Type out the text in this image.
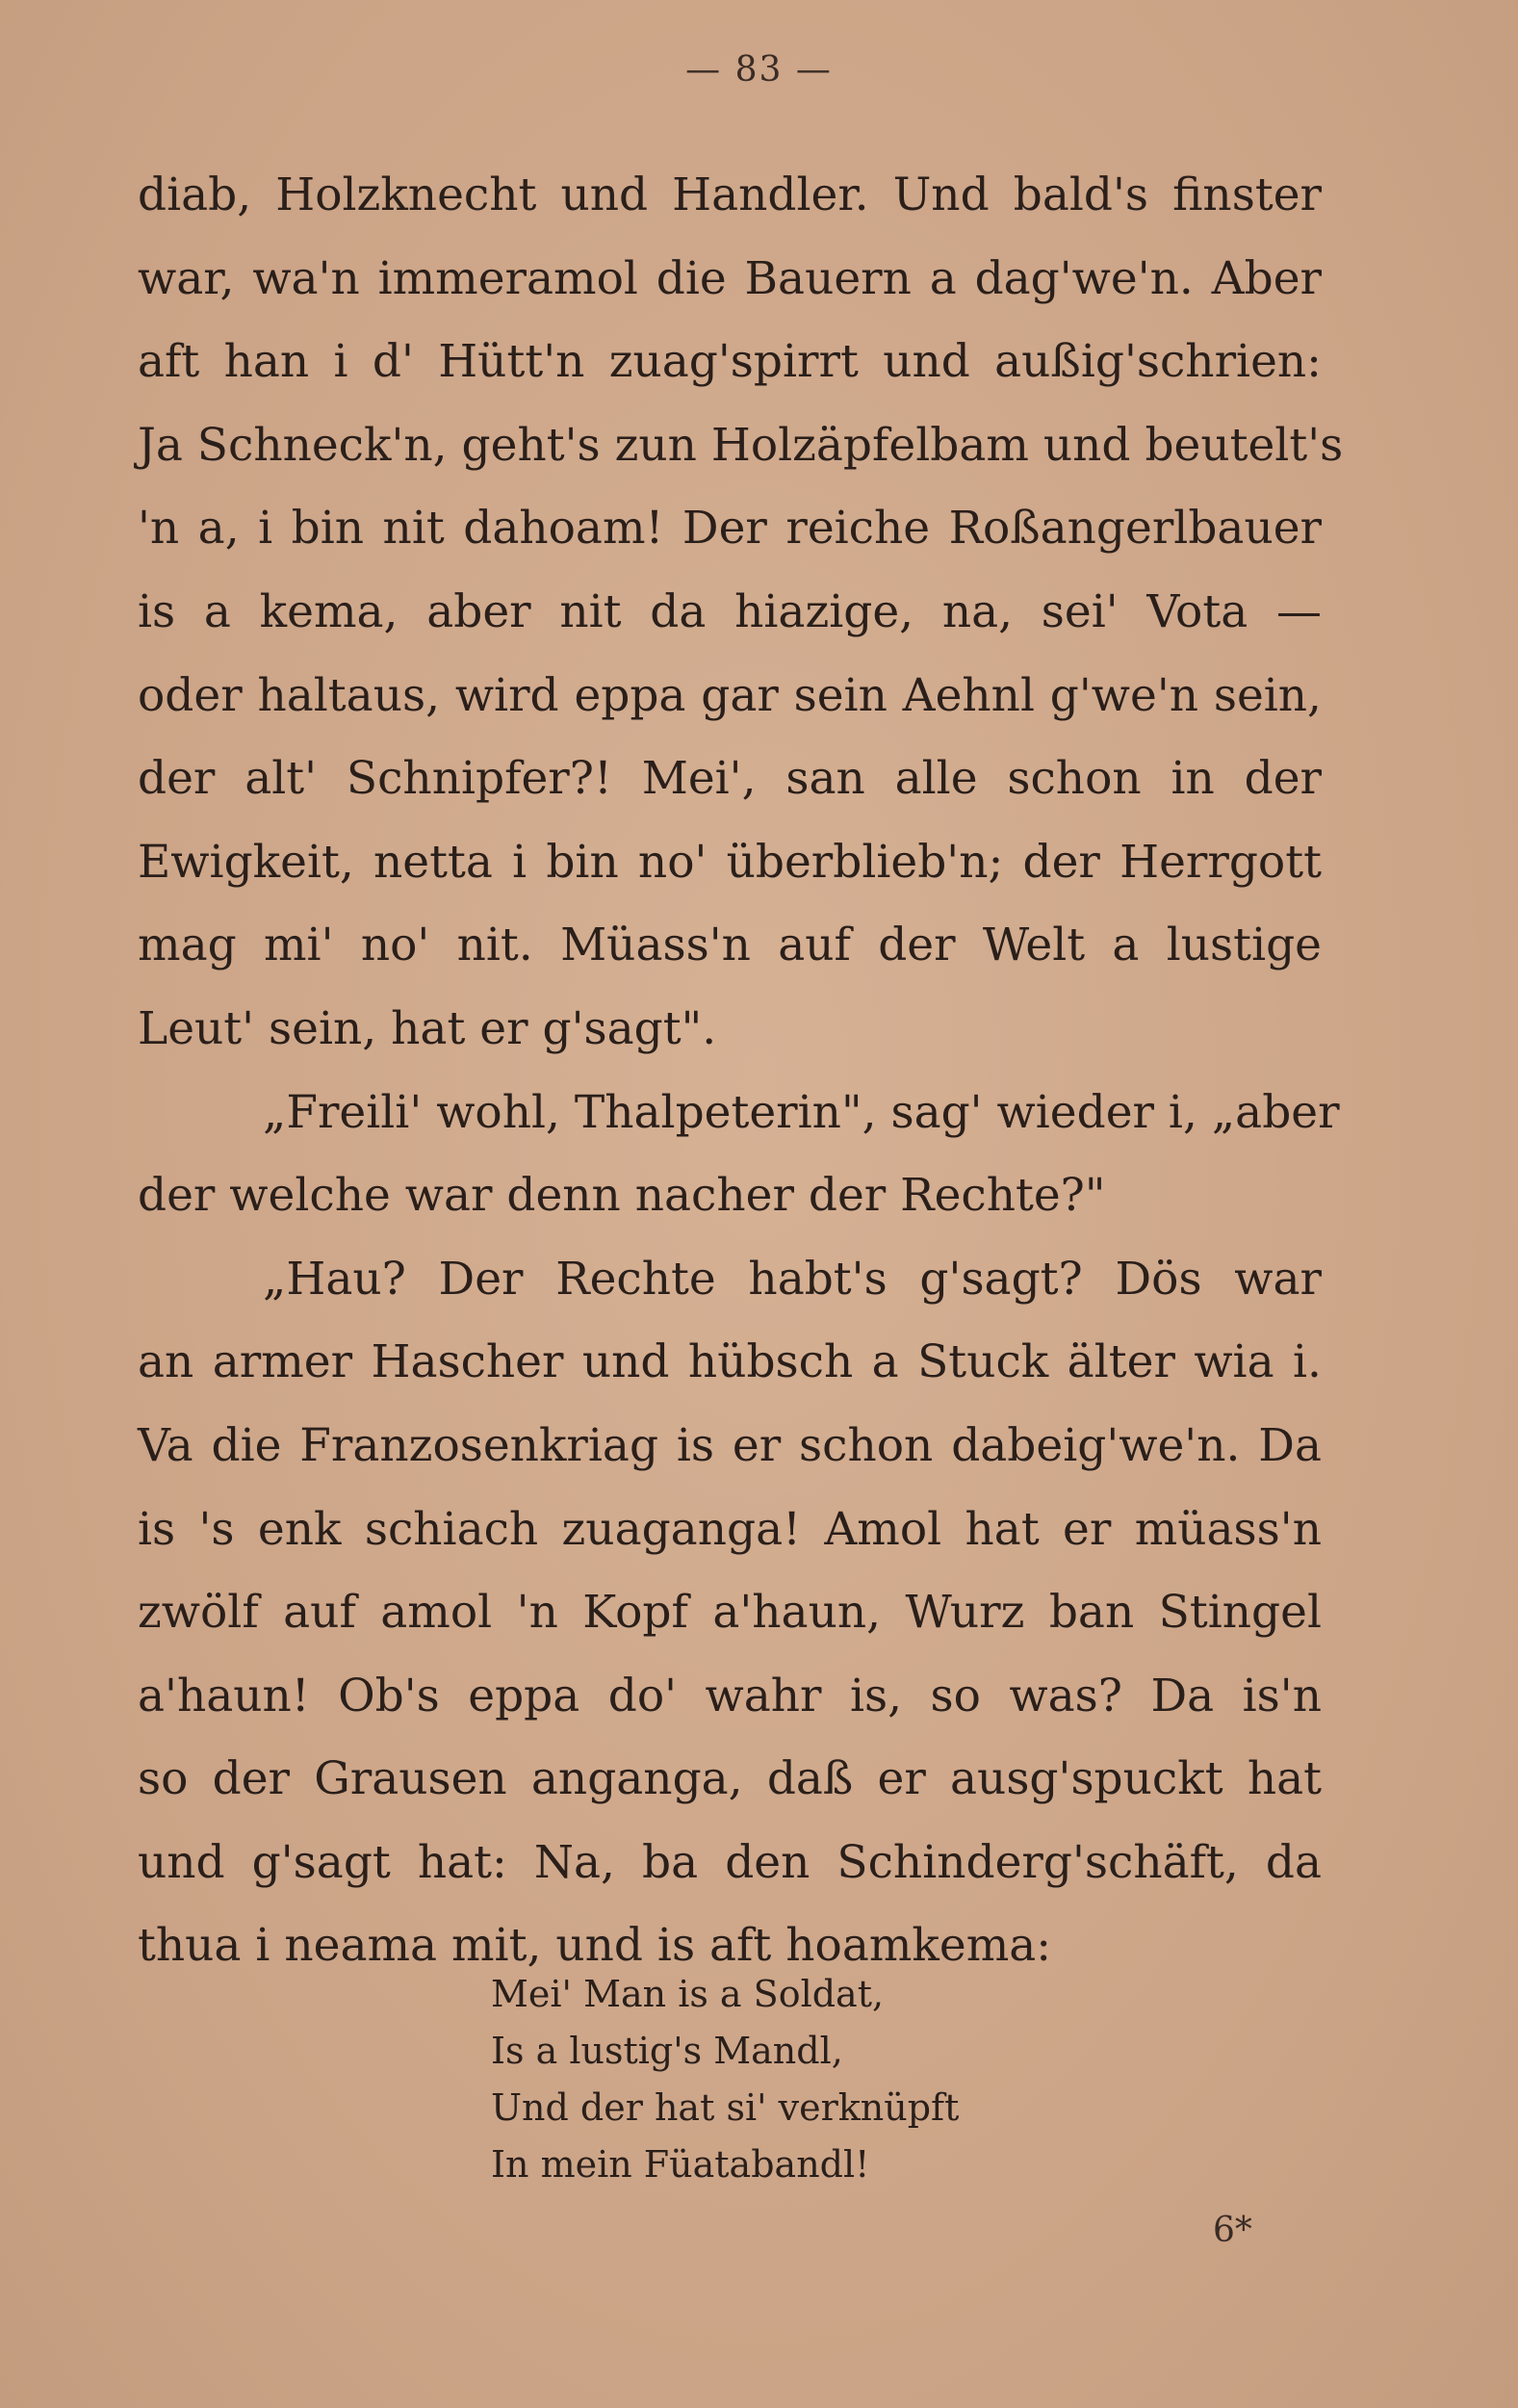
— 83 —
diab, Holzknecht und Handler. Und bald's finster
war, wa'n immeramol die Bauern a dag'we'n. Aber
aft han i d' Hütt'n zuag'spirrt und außig'schrien:
Ja Schneck'n, geht's zun Holzäpfelbam und beutelt's
'n a, i bin nit dahoam! Der reiche Roßangerlbauer
is a kema, aber nit da hiazige, na, sei' Vota —
oder haltaus, wird eppa gar sein Aehnl g'we'n sein,
der alt' Schnipfer?! Mei', san alle schon in der
Ewigkeit, netta i bin no' überblieb'n; der Herrgott
mag mi' no' nit. Müass'n auf der Welt a lustige
Leut' sein, hat er g'sagt".
„Freili' wohl, Thalpeterin", sag' wieder i, „aber
der welche war denn nacher der Rechte?"
„Hau? Der Rechte habt's g'sagt? Dös war
an armer Hascher und hübsch a Stuck älter wia i.
Va die Franzosenkriag is er schon dabeig'we'n. Da
is 's enk schiach zuaganga! Amol hat er müass'n
zwölf auf amol 'n Kopf a'haun, Wurz ban Stingel
a'haun! Ob's eppa do' wahr is, so was? Da is'n
so der Grausen anganga, daß er ausg'spuckt hat
und g'sagt hat: Na, ba den Schinderg'schäft, da
thua i neama mit, und is aft hoamkema:
Mei' Man is a Soldat,
Is a lustig's Mandl,
Und der hat si' verknüpft
In mein Füatabandl!
6*
